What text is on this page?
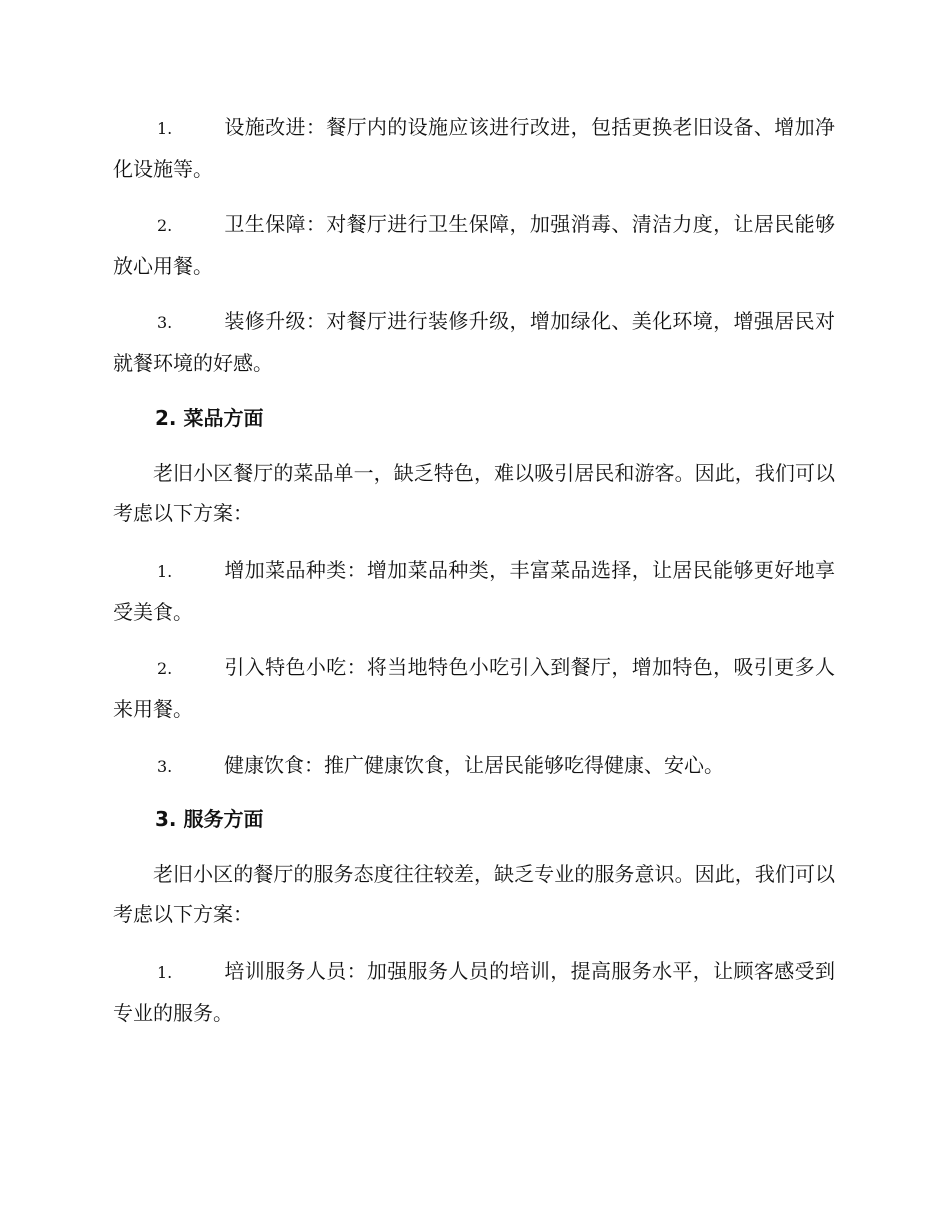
1.	设施改进：餐厅内的设施应该进行改进，包括更换老旧设备、增加净化设施等。
2.	卫生保障：对餐厅进行卫生保障，加强消毒、清洁力度，让居民能够放心用餐。
3.	装修升级：对餐厅进行装修升级，增加绿化、美化环境，增强居民对就餐环境的好感。
2. 菜品方面
老旧小区餐厅的菜品单一，缺乏特色，难以吸引居民和游客。因此，我们可以考虑以下方案：
1.	增加菜品种类：增加菜品种类，丰富菜品选择，让居民能够更好地享受美食。
2.	引入特色小吃：将当地特色小吃引入到餐厅，增加特色，吸引更多人来用餐。
3.	健康饮食：推广健康饮食，让居民能够吃得健康、安心。
3. 服务方面
老旧小区的餐厅的服务态度往往较差，缺乏专业的服务意识。因此，我们可以考虑以下方案：
1.	培训服务人员：加强服务人员的培训，提高服务水平，让顾客感受到专业的服务。
